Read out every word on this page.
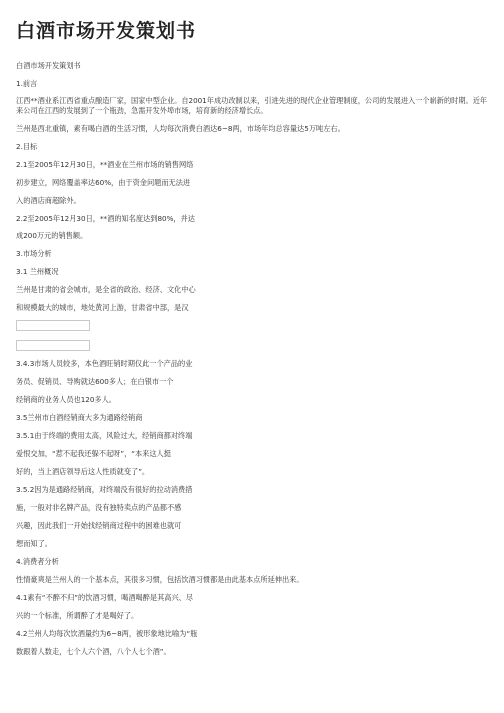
白酒市场开发策划书
白酒市场开发策划书
1.前言
江西**酒业系江西省重点酿造厂家，国家中型企业。自2001年成功改制以来，引进先进的现代企业管理制度，公司的发展进入一个崭新的时期。近年来公司在江西的发展到了一个瓶劲，急需开发外埠市场，培育新的经济增长点。
兰州是西北重镇，素有喝白酒的生活习惯，人均每次消费白酒达6~8两，市场年均总容量达5万吨左右。
2.目标
2.1至2005年12月30日，**酒业在兰州市场的销售网络
初步建立，网络覆盖率达60%，由于资金问题而无法进
入的酒店商超除外。
2.2至2005年12月30日，**酒的知名度达到80%，并达
成200万元的销售额。
3.市场分析
3.1 兰州概况
兰州是甘肃的省会城市，是全省的政治、经济、文化中心
和规模最大的城市，地处黄河上游，甘肃省中部，是汉
3.4.3市场人员较多，本色酒旺销时期仅此一个产品的业
务员、促销员、导购就达600多人；在白银市一个
经销商的业务人员也120多人。
3.5兰州市白酒经销商大多为通路经销商
3.5.1由于终端的费用太高，风险过大，经销商都对终端
爱恨交加，“惹不起我还躲不起呀”，“本来这人挺
好的，当上酒店领导后这人性质就变了”。
3.5.2因为是通路经销商，对终端没有很好的拉动消费措
施，一般对非名牌产品，没有独特卖点的产品都不感
兴趣，因此我们一开始找经销商过程中的困难也就可
想而知了。
4.消费者分析
性情豪爽是兰州人的一个基本点，其很多习惯，包括饮酒习惯都是由此基本点所延伸出来。
4.1素有“不醉不归”的饮酒习惯，喝酒喝醉是其高兴、尽
兴的一个标准，所谓醉了才是喝好了。
4.2兰州人均每次饮酒量约为6~8两，被形象地比喻为“瓶
数跟着人数走，七个人六个酒，八个人七个酒”。
